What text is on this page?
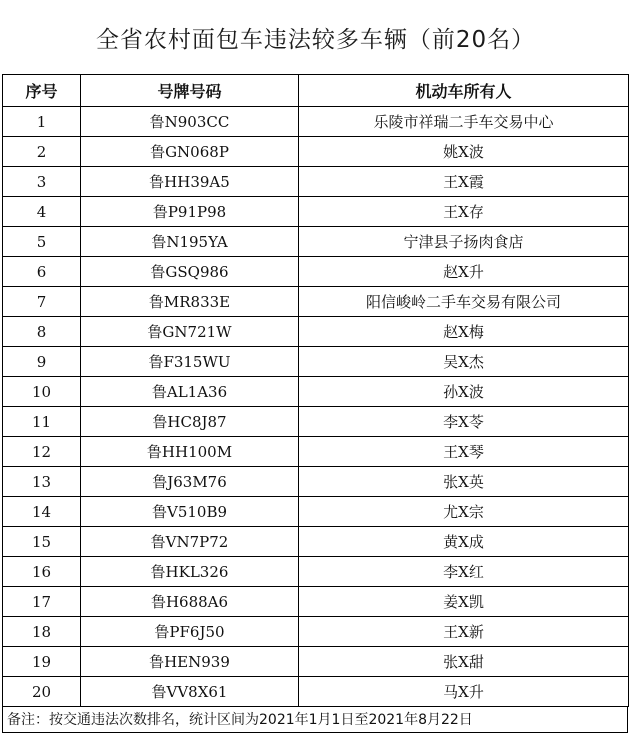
全省农村面包车违法较多车辆（前20名）
序号	号牌号码	机动车所有人
1	鲁N903CC	乐陵市祥瑞二手车交易中心
2	鲁GN068P	姚X波
3	鲁HH39A5	王X霞
4	鲁P91P98	王X存
5	鲁N195YA	宁津县子扬肉食店
6	鲁GSQ986	赵X升
7	鲁MR833E	阳信峻岭二手车交易有限公司
8	鲁GN721W	赵X梅
9	鲁F315WU	吴X杰
10	鲁AL1A36	孙X波
11	鲁HC8J87	李X苓
12	鲁HH100M	王X琴
13	鲁J63M76	张X英
14	鲁V510B9	尤X宗
15	鲁VN7P72	黄X成
16	鲁HKL326	李X红
17	鲁H688A6	姜X凯
18	鲁PF6J50	王X新
19	鲁HEN939	张X甜
20	鲁VV8X61	马X升
备注：按交通违法次数排名，统计区间为2021年1月1日至2021年8月22日
